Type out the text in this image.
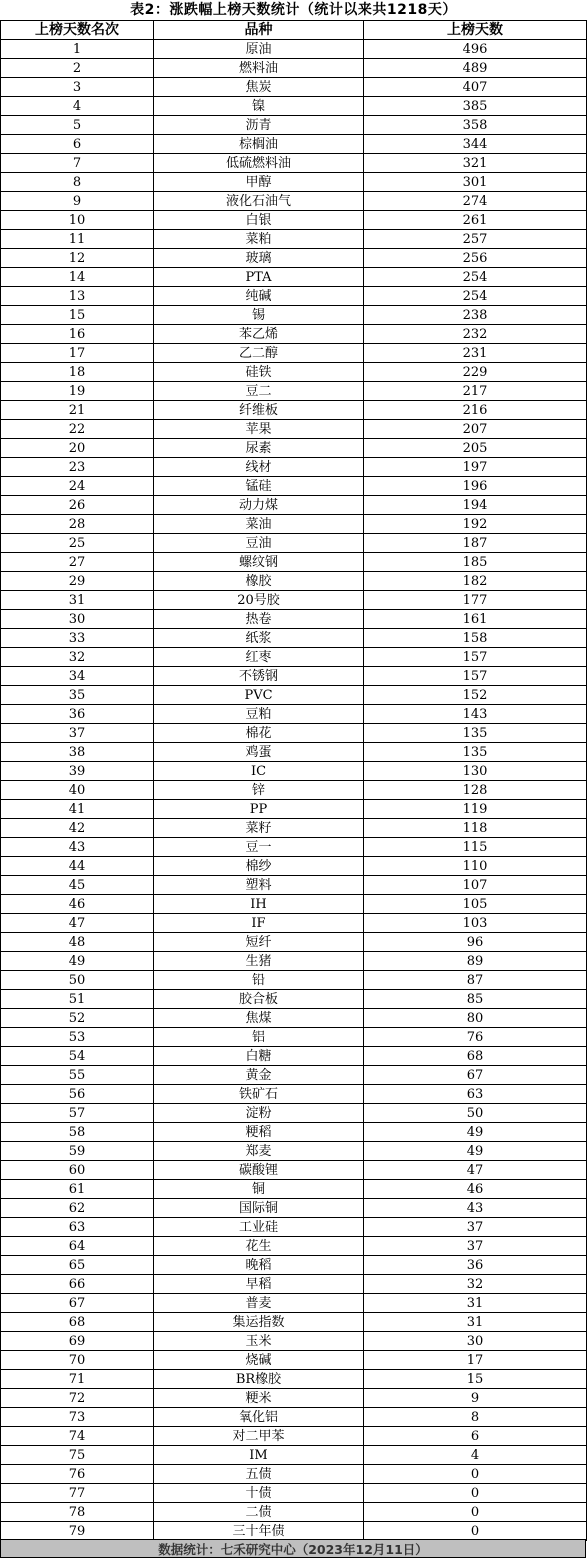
表2：涨跌幅上榜天数统计（统计以来共1218天）
上榜天数名次	品种	上榜天数
1	原油	496
2	燃料油	489
3	焦炭	407
4	镍	385
5	沥青	358
6	棕榈油	344
7	低硫燃料油	321
8	甲醇	301
9	液化石油气	274
10	白银	261
11	菜粕	257
12	玻璃	256
14	PTA	254
13	纯碱	254
15	锡	238
16	苯乙烯	232
17	乙二醇	231
18	硅铁	229
19	豆二	217
21	纤维板	216
22	苹果	207
20	尿素	205
23	线材	197
24	锰硅	196
26	动力煤	194
28	菜油	192
25	豆油	187
27	螺纹钢	185
29	橡胶	182
31	20号胶	177
30	热卷	161
33	纸浆	158
32	红枣	157
34	不锈钢	157
35	PVC	152
36	豆粕	143
37	棉花	135
38	鸡蛋	135
39	IC	130
40	锌	128
41	PP	119
42	菜籽	118
43	豆一	115
44	棉纱	110
45	塑料	107
46	IH	105
47	IF	103
48	短纤	96
49	生猪	89
50	铅	87
51	胶合板	85
52	焦煤	80
53	铝	76
54	白糖	68
55	黄金	67
56	铁矿石	63
57	淀粉	50
58	粳稻	49
59	郑麦	49
60	碳酸锂	47
61	铜	46
62	国际铜	43
63	工业硅	37
64	花生	37
65	晚稻	36
66	早稻	32
67	普麦	31
68	集运指数	31
69	玉米	30
70	烧碱	17
71	BR橡胶	15
72	粳米	9
73	氧化铝	8
74	对二甲苯	6
75	IM	4
76	五债	0
77	十债	0
78	二债	0
79	三十年债	0
数据统计：七禾研究中心（2023年12月11日）
